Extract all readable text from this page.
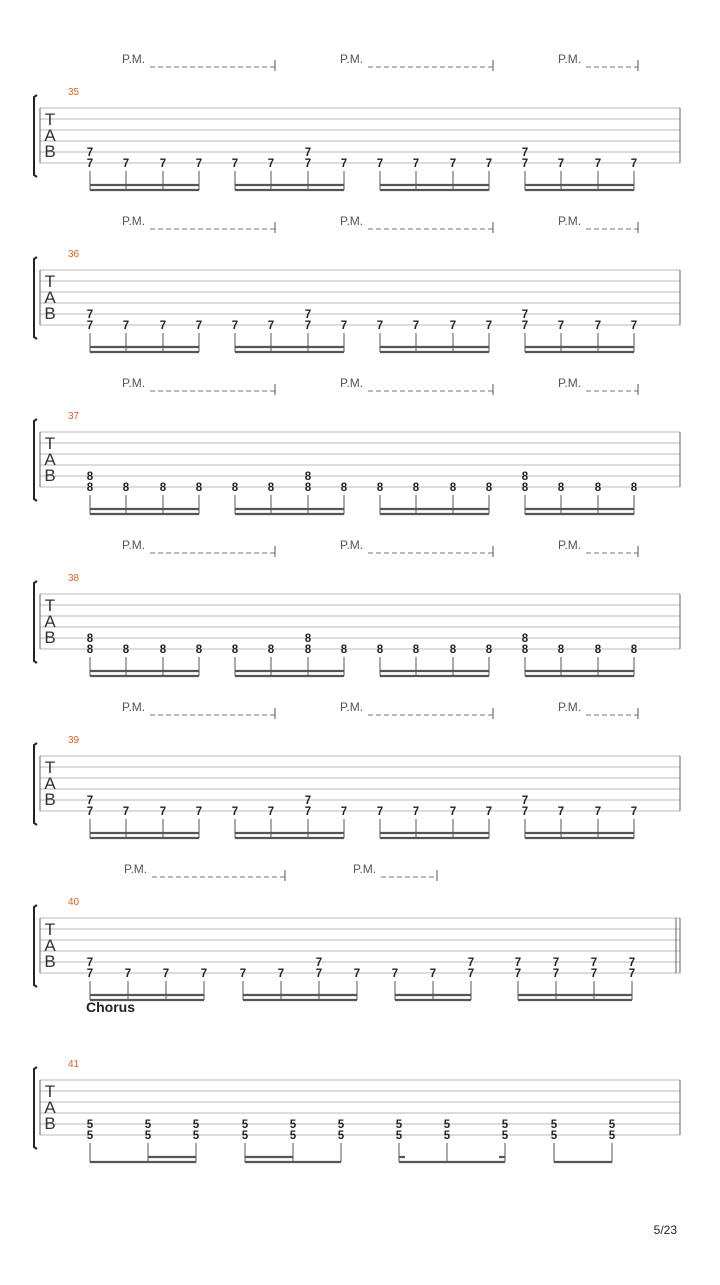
P.M.	P.M.	P.M.
35
T
A
B
7
7
7	7	7	7	7	7
7
7	7	7	7	7	7
7
7	7	7
P.M.	P.M.	P.M.
36
T
A
B
7
7
7	7	7	7	7	7
7
7	7	7	7	7	7
7
7	7	7
P.M.	P.M.	P.M.
37
T
A
B
8
8
8	8	8	8	8	8
8
8	8	8	8	8	8
8
8	8	8
P.M.	P.M.	P.M.
38
T
A
B
8
8
8	8	8	8	8	8
8
8	8	8	8	8	8
8
8	8	8
P.M.	P.M.	P.M.
39
T
A
B
7
7
7	7	7	7	7	7
7
7	7	7	7	7	7
7
7	7	7
P.M.	P.M.
40
T
A
B
7
7
7	7	7	7	7	7
7
7	7	7	7
7
7
7
7
7
7
7
7
7
Chorus
41
T
A
B
5
5
5
5
5
5
5
5
5
5
5
5
5
5
5
5
5
5
5
5
5
5
5/23
